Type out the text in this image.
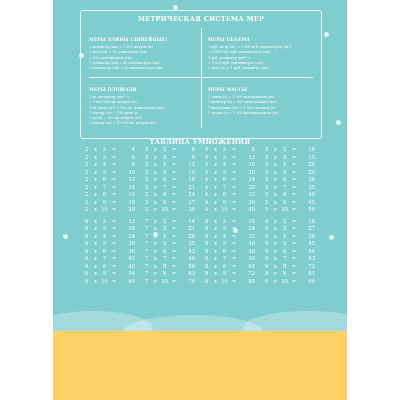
МЕТРИЧЕСКАЯ СИСТЕМА МЕР
МЕРЫ ДЛИНЫ (ЛИНЕЙНЫЕ)
1 километр (км) = 1 000 метров (м)
1 метр (м) = 10 дециметров (дм)
= 100 сантиметров (см)
1 дециметр (дм) = 10 сантиметров (см)
1 сантиметр (см) = 10 миллиметров (мм)
МЕРЫ ОБЪЕМА
1 куб. метр (м³) = 1 000 куб. дециметров (дм³)
= 1 000 000 куб. сантиметров (см³)
1 куб. дециметр (дм³) =
= 1 000 куб. сантиметров (см³)
1 литр (л) = 1 куб. дециметр (дм³)
МЕРЫ ПЛОЩАДИ
1 кв. километр (км²) =
= 1 000 000 кв. метров (м²)
1 кв. метр (м²) = 100 кв. дециметров (дм²)
1 гектар (га) = 100 аров (а)
1 ар (а) = 100 кв. метров (м²)
1 гектар (га) = 10 000 кв. метров (м²)
МЕРЫ МАССЫ
1 тонна (т) = 1 000 килограммов (кг)
1 центнер (ц) = 100 килограммов (кг)
1 килограмм (кг) = 1 000 граммов (г)
1 грамм (г) = 1 000 миллиграммов (мг)
ТАБЛИЦА УМНОЖЕНИЯ
2	x	2	=	4
2	x	3	=	6
2	x	4	=	8
2	x	5	=	10
2	x	6	=	12
2	x	7	=	14
2	x	8	=	16
2	x	9	=	18
2	x 10 =	20
6	x	2	=	12
6	x	3	=	18
6	x	4	=	24
6	x	5	=	30
6	x	6	=	36
6	x	7	=	42
6	x	8	=	48
6	x	9	=	54
6	x 10 =	60
3	x	2	=	6
3	x	3	=	9
3	x	4	=	12
3	x	5	=	15
3	x	6	=	18
3	x	7	=	21
3	x	8	=	24
3	x	9	=	27
3	x 10 =	30
7	x	2	=	14
7	x	3	=	21
7	x	4	=	28
7	x	5	=	35
7	x	6	=	42
7	x	7	=	49
7	x	8	=	56
7	x	9	=	63
7	x 10 =	70
4	x	2	=	8
4	x	3	=	12
4	x	4	=	16
4	x	5	=	20
4	x	6	=	24
4	x	7	=	28
4	x	8	=	32
4	x	9	=	36
4	x 10 =	40
8	x	2	=	16
8	x	3	=	24
8	x	4	=	32
8	x	5	=	40
8	x	6	=	48
8	x	7	=	56
8	x	8	=	64
8	x	9	=	72
8	x 10 =	80
5	x	2	=	10
5	x	3	=	15
5	x	4	=	20
5	x	5	=	25
5	x	6	=	30
5	x	7	=	35
5	x	8	=	40
5	x	9	=	45
5	x 10 =	50
9	x	2	=	18
9	x	3	=	27
9	x	4	=	36
9	x	5	=	45
9	x	6	=	54
9	x	7	=	63
9	x	8	=	72
9	x	9	=	81
9	x 10 =	90
